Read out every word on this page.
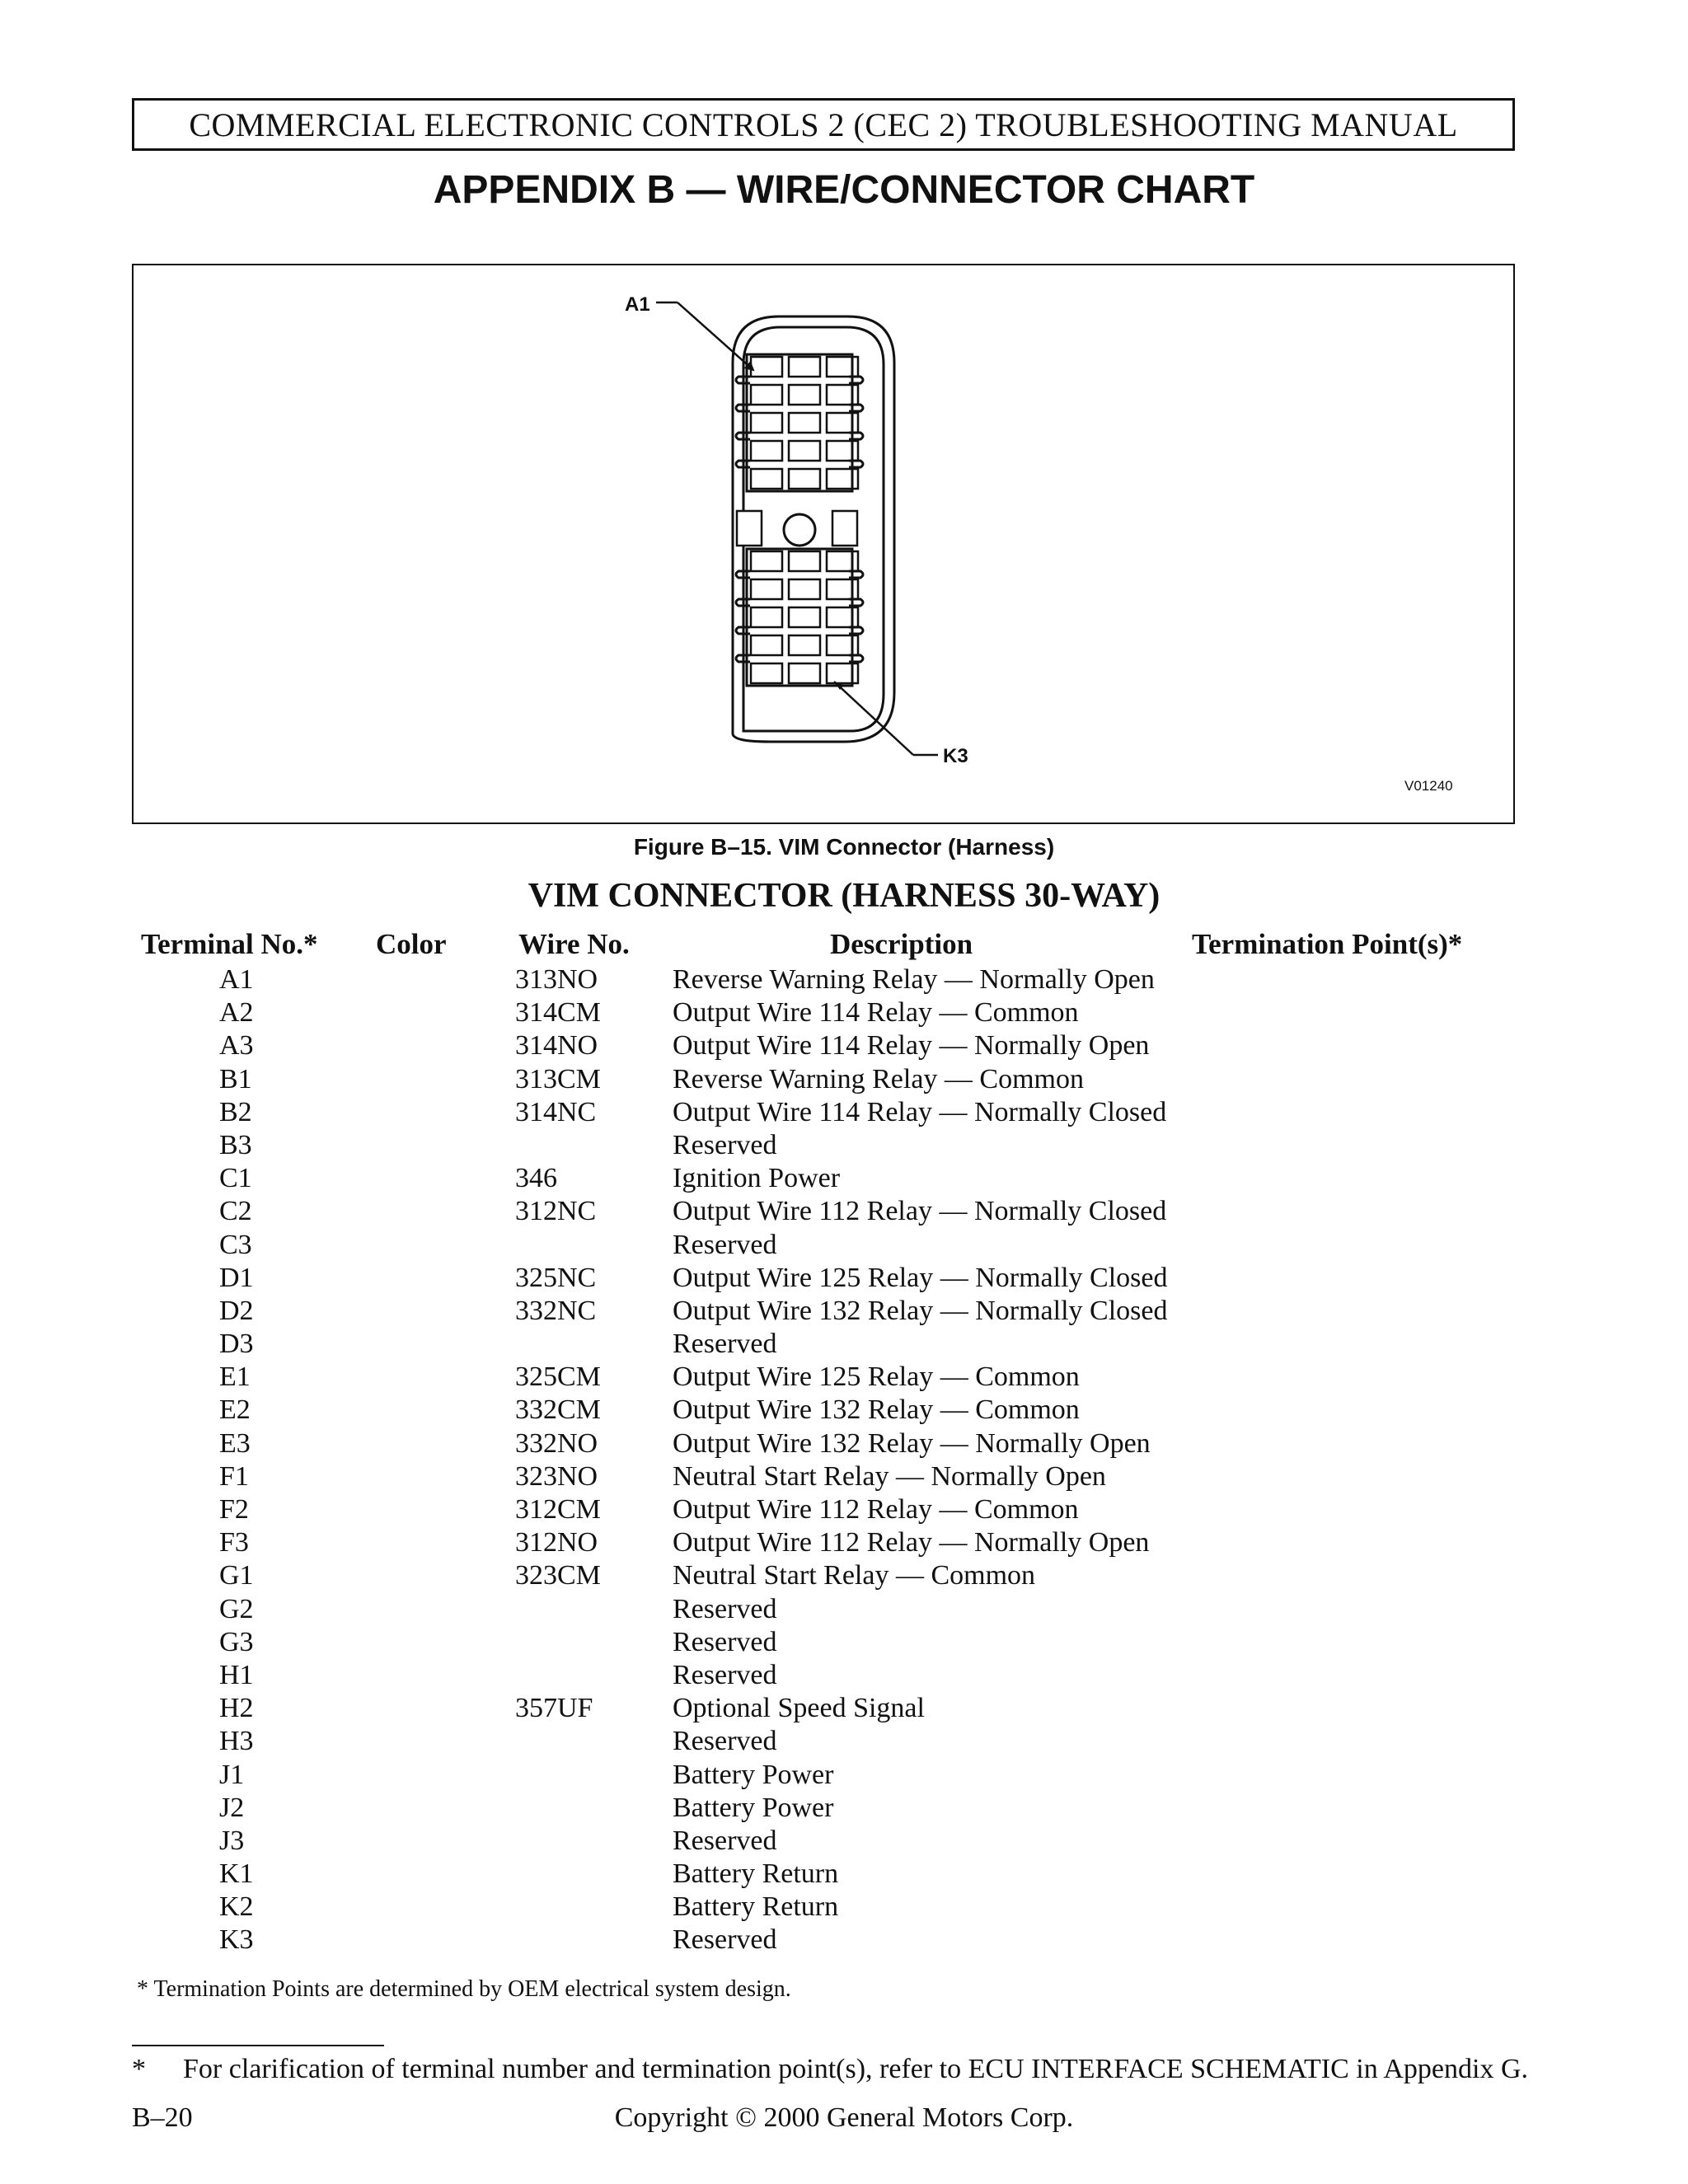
COMMERCIAL ELECTRONIC CONTROLS 2 (CEC 2) TROUBLESHOOTING MANUAL
APPENDIX B — WIRE/CONNECTOR CHART
A1
K3
V01240
Figure B–15. VIM Connector (Harness)
VIM CONNECTOR (HARNESS 30-WAY)
Terminal No.* Color Wire No.	Description	Termination Point(s)*
A1	313NO	Reverse Warning Relay — Normally Open
A2	314CM	Output Wire 114 Relay — Common
A3	314NO	Output Wire 114 Relay — Normally Open
B1	313CM	Reverse Warning Relay — Common
B2	314NC	Output Wire 114 Relay — Normally Closed
B3	Reserved
C1	346	Ignition Power
C2	312NC	Output Wire 112 Relay — Normally Closed
C3	Reserved
D1	325NC	Output Wire 125 Relay — Normally Closed
D2	332NC	Output Wire 132 Relay — Normally Closed
D3	Reserved
E1	325CM	Output Wire 125 Relay — Common
E2	332CM	Output Wire 132 Relay — Common
E3	332NO	Output Wire 132 Relay — Normally Open
F1	323NO	Neutral Start Relay — Normally Open
F2	312CM	Output Wire 112 Relay — Common
F3	312NO	Output Wire 112 Relay — Normally Open
G1	323CM	Neutral Start Relay — Common
G2	Reserved
G3	Reserved
H1	Reserved
H2	357UF	Optional Speed Signal
H3	Reserved
J1	Battery Power
J2	Battery Power
J3	Reserved
K1	Battery Return
K2	Battery Return
K3	Reserved
* Termination Points are determined by OEM electrical system design.
* For clarification of terminal number and termination point(s), refer to ECU INTERFACE SCHEMATIC in Appendix G.
B–20	Copyright © 2000 General Motors Corp.
